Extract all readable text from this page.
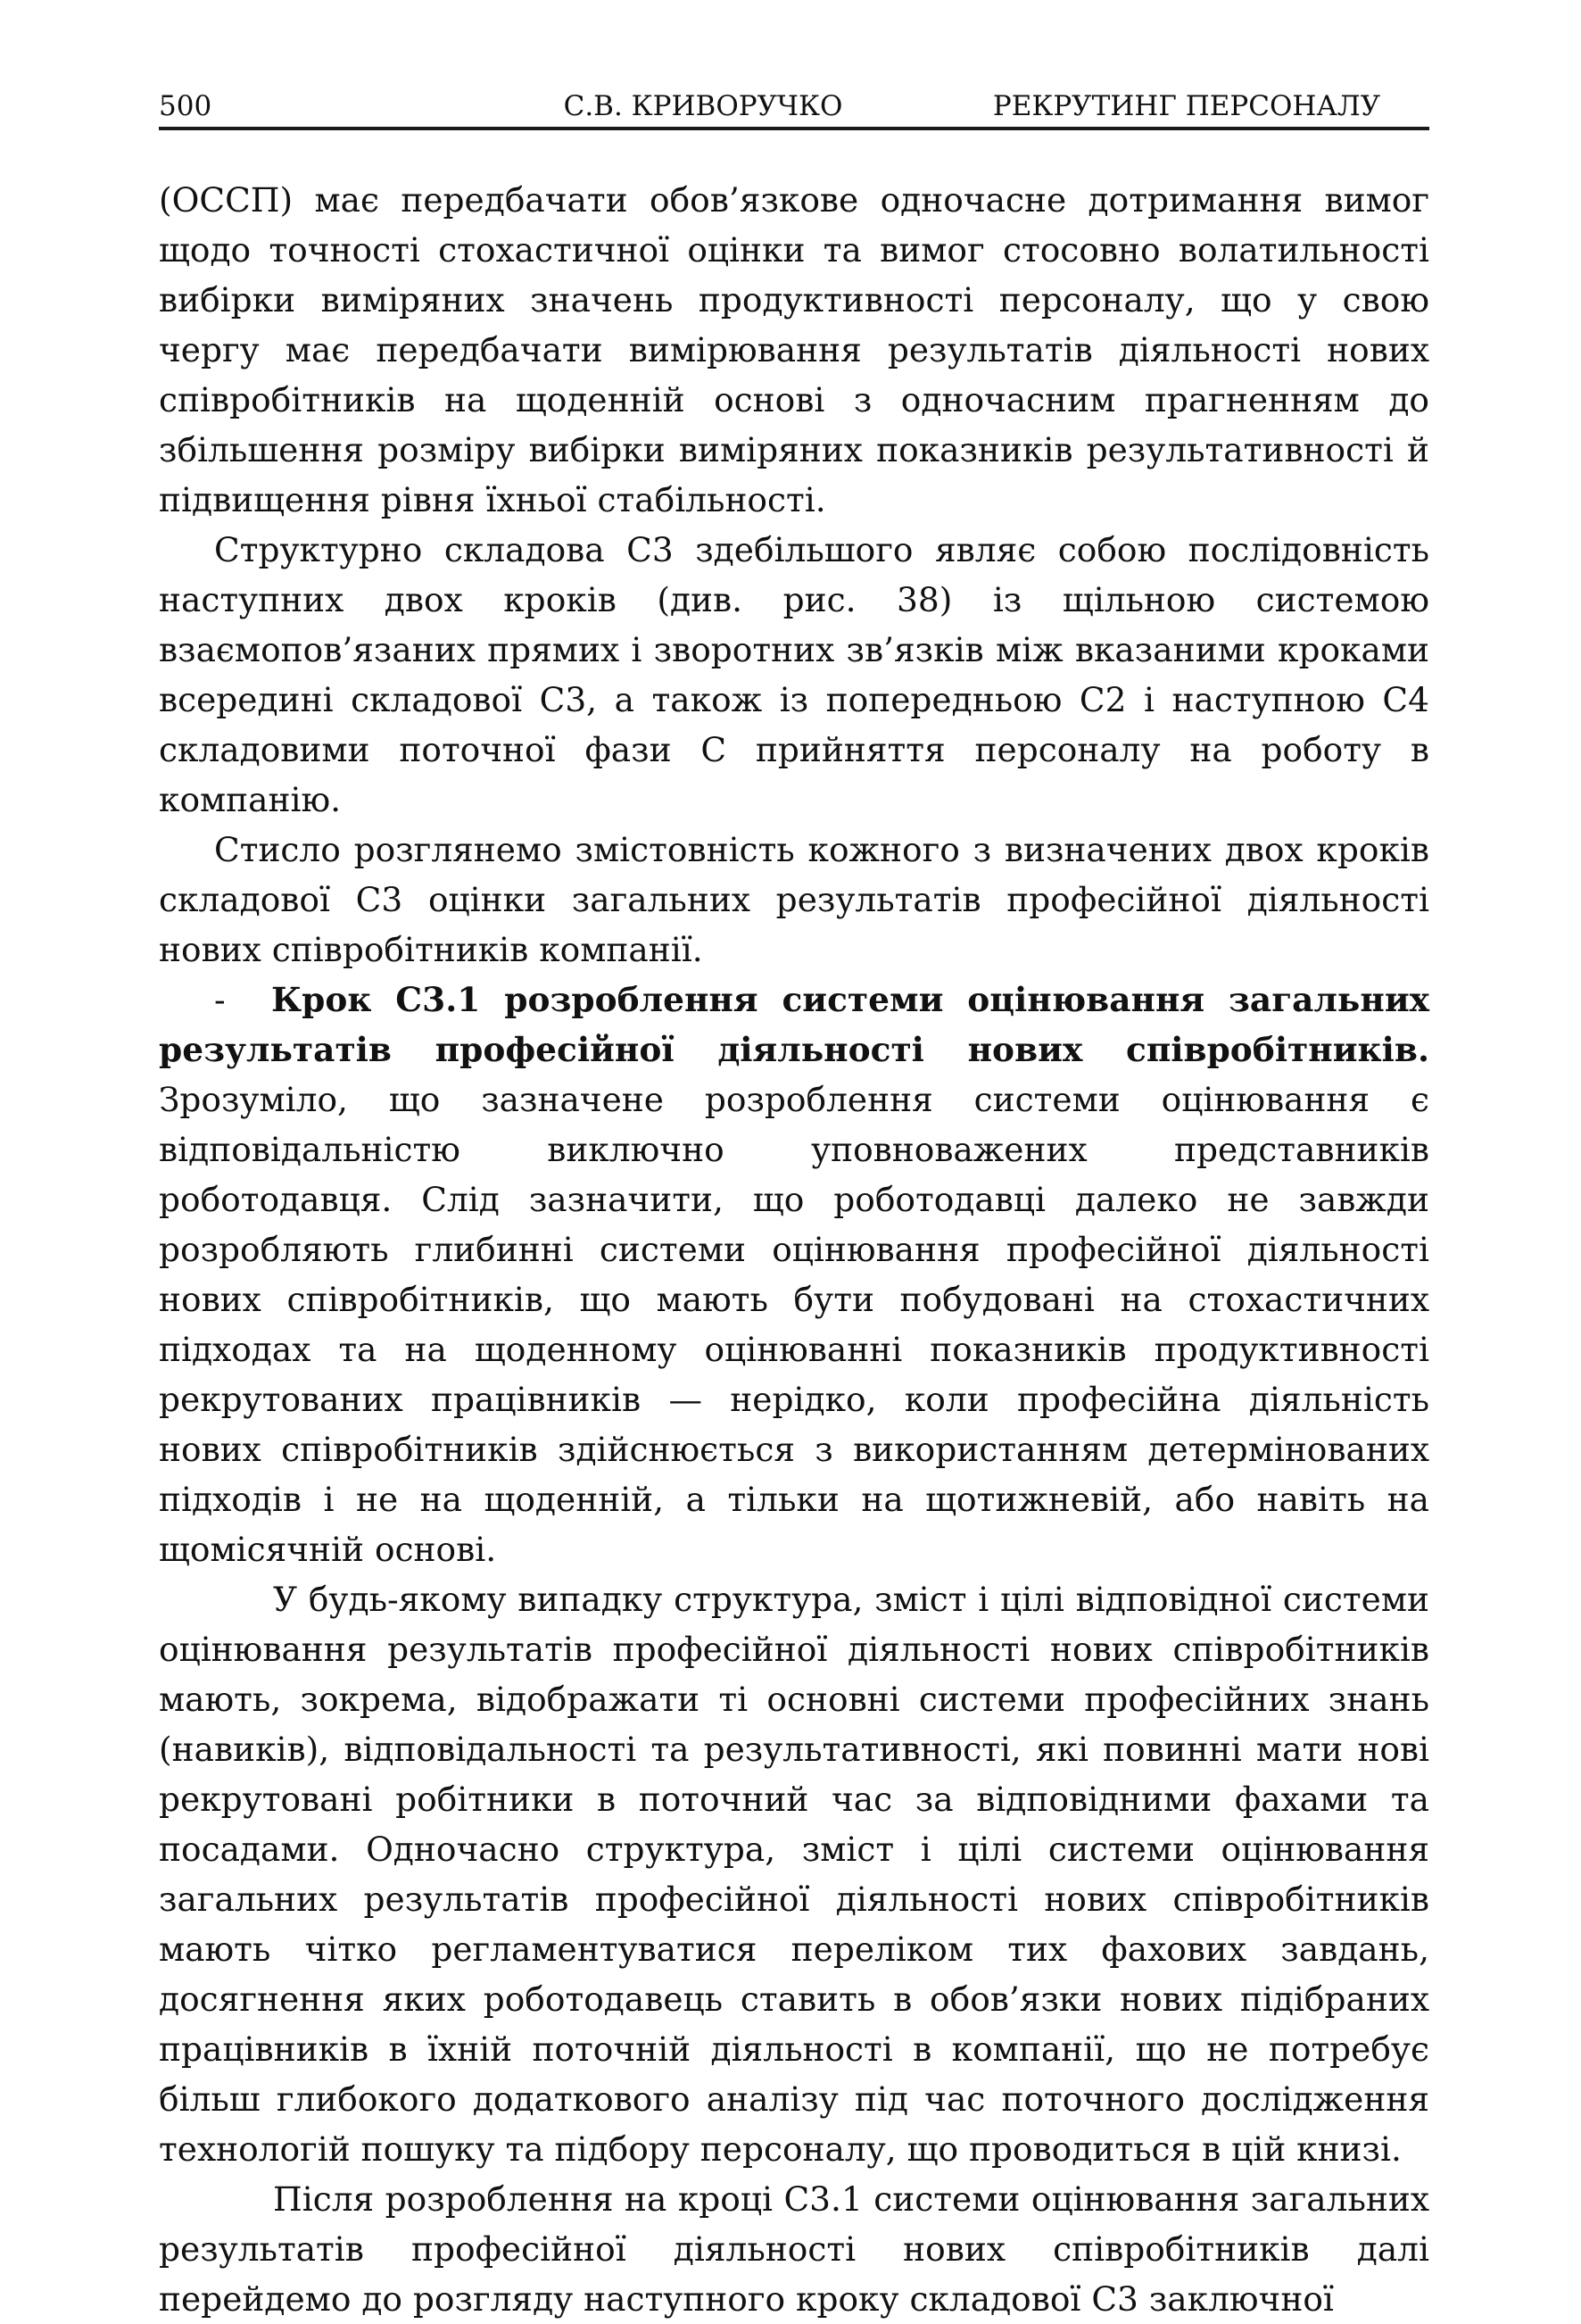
500	С.В. КРИВОРУЧКО	РЕКРУТИНГ ПЕРСОНАЛУ

(ОССП) має передбачати обов’язкове одночасне дотримання вимог щодо точності стохастичної оцінки та вимог стосовно волатильності вибірки виміряних значень продуктивності персоналу, що у свою чергу має передбачати вимірювання результатів діяльності нових співробітників на щоденній основі з одночасним прагненням до збільшення розміру вибірки виміряних показників результативності й підвищення рівня їхньої стабільності.

Структурно складова С3 здебільшого являє собою послідовність наступних двох кроків (див. рис. 38) із щільною системою взаємопов’язаних прямих і зворотних зв’язків між вказаними кроками всередині складової С3, а також із попередньою С2 і наступною С4 складовими поточної фази С прийняття персоналу на роботу в компанію.

Стисло розглянемо змістовність кожного з визначених двох кроків складової С3 оцінки загальних результатів професійної діяльності нових співробітників компанії.

- Крок С3.1 розроблення системи оцінювання загальних результатів професійної діяльності нових співробітників. Зрозуміло, що зазначене розроблення системи оцінювання є відповідальністю виключно уповноважених представників роботодавця. Слід зазначити, що роботодавці далеко не завжди розробляють глибинні системи оцінювання професійної діяльності нових співробітників, що мають бути побудовані на стохастичних підходах та на щоденному оцінюванні показників продуктивності рекрутованих працівників — нерідко, коли професійна діяльність нових співробітників здійснюється з використанням детермінованих підходів і не на щоденній, а тільки на щотижневій, або навіть на щомісячній основі.

У будь-якому випадку структура, зміст і цілі відповідної системи оцінювання результатів професійної діяльності нових співробітників мають, зокрема, відображати ті основні системи професійних знань (навиків), відповідальності та результативності, які повинні мати нові рекрутовані робітники в поточний час за відповідними фахами та посадами. Одночасно структура, зміст і цілі системи оцінювання загальних результатів професійної діяльності нових співробітників мають чітко регламентуватися переліком тих фахових завдань, досягнення яких роботодавець ставить в обов’язки нових підібраних працівників в їхній поточній діяльності в компанії, що не потребує більш глибокого додаткового аналізу під час поточного дослідження технологій пошуку та підбору персоналу, що проводиться в цій книзі.

Після розроблення на кроці С3.1 системи оцінювання загальних результатів професійної діяльності нових співробітників далі перейдемо до розгляду наступного кроку складової С3 заключної
